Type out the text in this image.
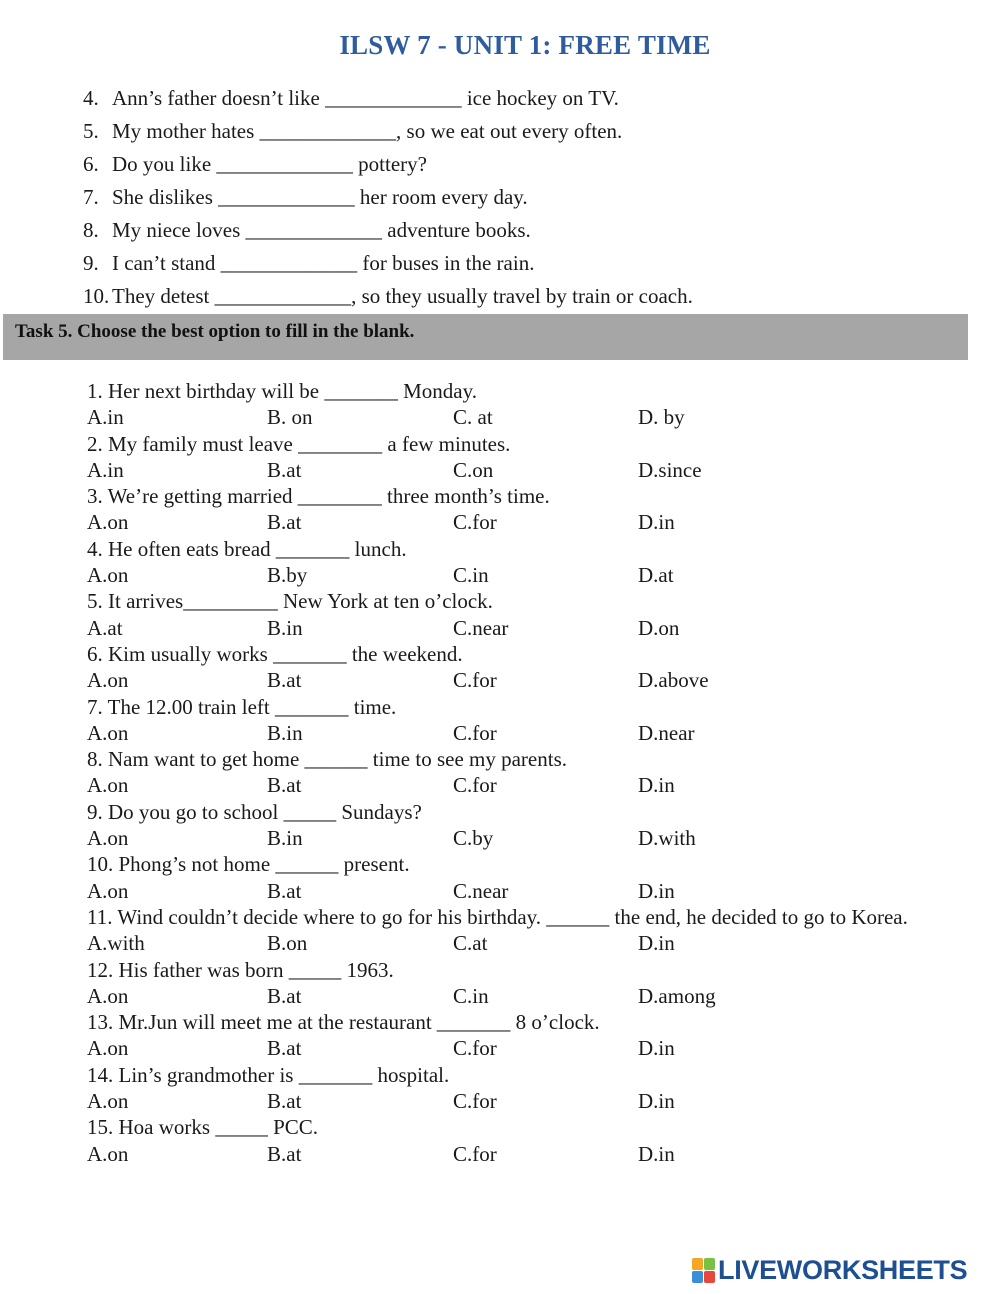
ILSW 7 - UNIT 1: FREE TIME
4. Ann’s father doesn’t like _____________ ice hockey on TV.
5. My mother hates _____________, so we eat out every often.
6. Do you like _____________ pottery?
7. She dislikes _____________ her room every day.
8. My niece loves _____________ adventure books.
9. I can’t stand _____________ for buses in the rain.
10. They detest _____________, so they usually travel by train or coach.
Task 5. Choose the best option to fill in the blank.
1. Her next birthday will be _______ Monday.
A.in	B. on	C. at	D. by
2. My family must leave ________ a few minutes.
A.in	B.at	C.on	D.since
3. We’re getting married ________ three month’s time.
A.on	B.at	C.for	D.in
4. He often eats bread _______ lunch.
A.on	B.by	C.in	D.at
5. It arrives_________ New York at ten o’clock.
A.at	B.in	C.near	D.on
6. Kim usually works _______ the weekend.
A.on	B.at	C.for	D.above
7. The 12.00 train left _______ time.
A.on	B.in	C.for	D.near
8. Nam want to get home ______ time to see my parents.
A.on	B.at	C.for	D.in
9. Do you go to school _____ Sundays?
A.on	B.in	C.by	D.with
10. Phong’s not home ______ present.
A.on	B.at	C.near	D.in
11. Wind couldn’t decide where to go for his birthday. ______ the end, he decided to go to Korea.
A.with	B.on	C.at	D.in
12. His father was born _____ 1963.
A.on	B.at	C.in	D.among
13. Mr.Jun will meet me at the restaurant _______ 8 o’clock.
A.on	B.at	C.for	D.in
14. Lin’s grandmother is _______ hospital.
A.on	B.at	C.for	D.in
15. Hoa works _____ PCC.
A.on	B.at	C.for	D.in
LIVEWORKSHEETS
